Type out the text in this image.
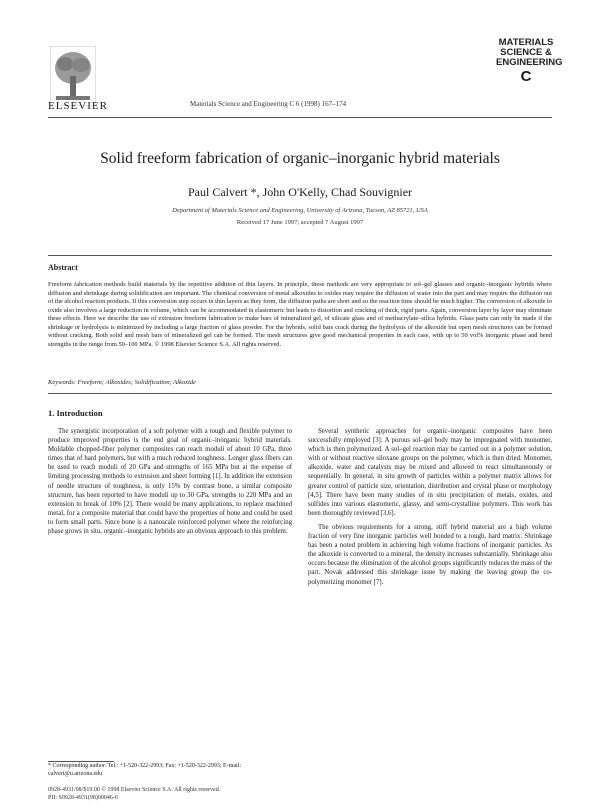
ELSEVIER	Materials Science and Engineering C 6 (1998) 167–174
MATERIALS
SCIENCE &
ENGINEERING
C
Solid freeform fabrication of organic–inorganic hybrid materials
Paul Calvert *, John O'Kelly, Chad Souvignier
Department of Materials Science and Engineering, University of Arizona, Tucson, AZ 85721, USA
Received 17 June 1997; accepted 7 August 1997
Abstract
Freeform fabrication methods build materials by the repetitive addition of thin layers. In principle, these methods are very appropriate to sol–gel glasses and organic–inorganic hybrids where diffusion and shrinkage during solidification are important. The chemical conversion of metal alkoxides to oxides may require the diffusion of water into the part and may require the diffusion out of the alcohol reaction products. If this conversion step occurs in thin layers as they form, the diffusion paths are short and so the reaction time should be much higher. The conversion of alkoxide to oxide also involves a large reduction in volume, which can be accommodated in elastomeric but leads to distortion and cracking of thick, rigid parts. Again, conversion layer by layer may eliminate these effects. Here we describe the use of extrusion freeform fabrication to make bars of mineralized gel, of silicate glass and of methacrylate–silica hybrids. Glass parts can only be made if the shrinkage or hydrolysis is minimized by including a large fraction of glass powder. For the hybrids, solid bars crack during the hydrolysis of the alkoxide but open mesh structures can be formed without cracking. Both solid and mesh bars of mineralized gel can be formed. The mesh structures give good mechanical properties in each case, with up to 50 vol% inorganic phase and bend strengths in the range from 50–100 MPa. © 1998 Elsevier Science S.A. All rights reserved.
Keywords: Freeform; Alkoxides; Solidification; Alkoxide
1. Introduction

The synergistic incorporation of a soft polymer with a tough and flexible polymer to produce improved properties is the end goal of organic–inorganic hybrid materials. Moldable chopped-fiber polymer composites can reach moduli of about 10 GPa, three times that of hard polymers, but with a much reduced toughness. Longer glass fibers can be used to reach moduli of 20 GPa and strengths of 165 MPa but at the expense of limiting processing methods to extrusion and sheet forming [1]. In addition the extension of needle structure of toughness, is only 15% by contrast bone, a similar composite structure, has been reported to have moduli up to 30 GPa, strengths to 220 MPa and an extension to break of 10% [2]. There would be many applications, to replace machined metal, for a composite material that could have the properties of bone and could be used to form small parts. Since bone is a nanoscale reinforced polymer where the reinforcing phase grows in situ, organic–inorganic hybrids are an obvious approach to this problem.

Several synthetic approaches for organic–inorganic composites have been successfully employed [3]. A porous sol–gel body may be impregnated with monomer, which is then polymerized. A sol–gel reaction may be carried out in a polymer solution, with or without reactive siloxane groups on the polymer, which is then dried. Monomer, alkoxide, water and catalysts may be mixed and allowed to react simultaneously or sequentially. In general, in situ growth of particles within a polymer matrix allows for greater control of particle size, orientation, distribution and crystal phase or morphology [4,5]. There have been many studies of in situ precipitation of metals, oxides, and sulfides into various elastomeric, glassy, and semi-crystalline polymers. This work has been thoroughly reviewed [3,6].

The obvious requirements for a strong, stiff hybrid material are a high volume fraction of very fine inorganic particles well bonded to a tough, hard matrix. Shrinkage has been a noted problem in achieving high volume fractions of inorganic particles. As the alkoxide is converted to a mineral, the density increases substantially. Shrinkage also occurs because the elimination of the alcohol groups significantly reduces the mass of the part. Novak addressed this shrinkage issue by making the leaving group the co-polymerizing monomer [7].

* Corresponding author. Tel.: +1-520-322-2993; Fax: +1-520-322-2993; E-mail: calvert@u.arizona.edu
0928-4931/98/$19.00 © 1998 Elsevier Science S.A. All rights reserved.
PII: S0928-4931(98)00046-6
